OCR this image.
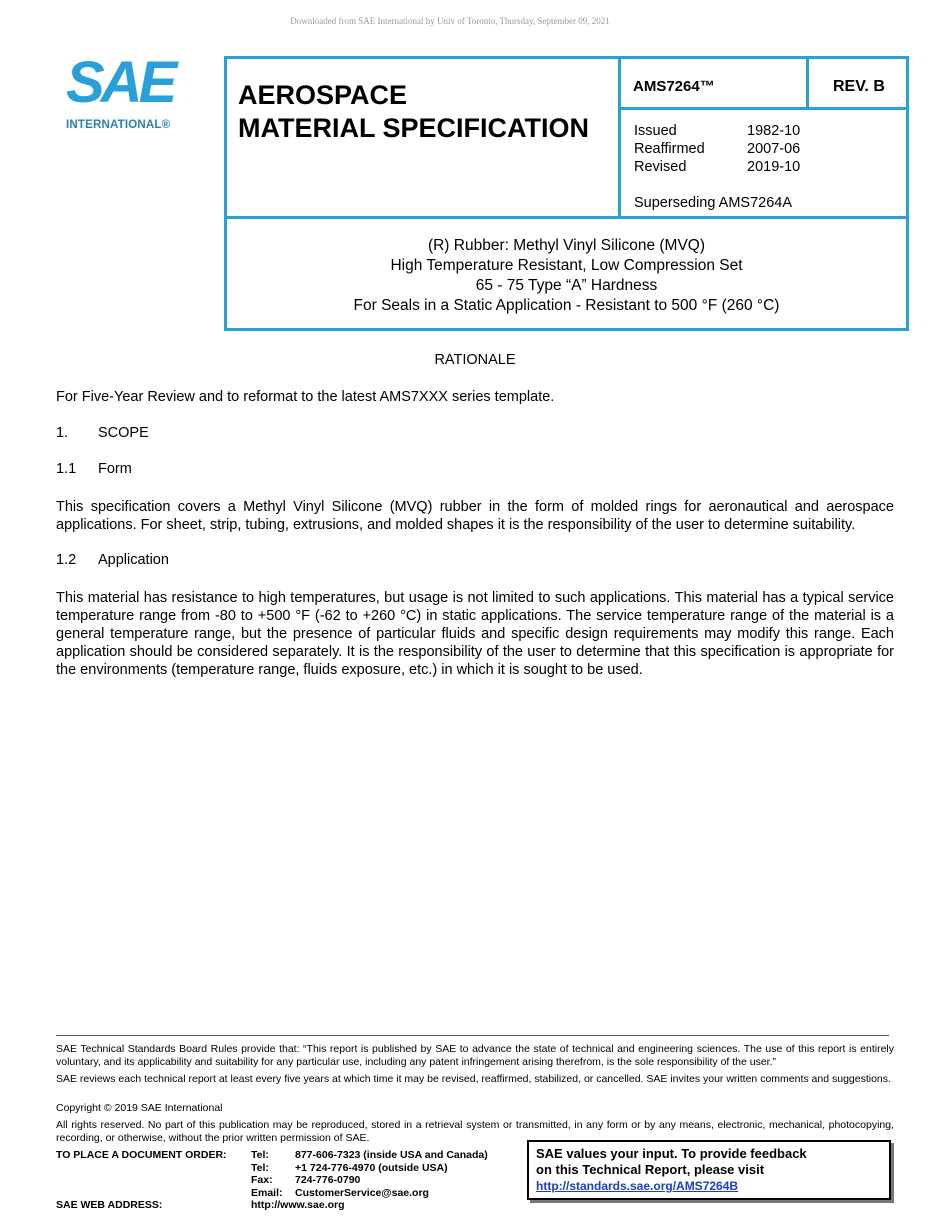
Downloaded from SAE International by Univ of Toronto, Thursday, September 09, 2021
SAE
INTERNATIONAL®
AEROSPACE
MATERIAL SPECIFICATION
AMS7264™	REV. B
Issued	1982-10
Reaffirmed	2007-06
Revised	2019-10
Superseding AMS7264A
(R) Rubber: Methyl Vinyl Silicone (MVQ)
High Temperature Resistant, Low Compression Set
65 - 75 Type “A” Hardness
For Seals in a Static Application - Resistant to 500 °F (260 °C)
RATIONALE
For Five-Year Review and to reformat to the latest AMS7XXX series template.
1. SCOPE
1.1 Form
This specification covers a Methyl Vinyl Silicone (MVQ) rubber in the form of molded rings for aeronautical and aerospace applications. For sheet, strip, tubing, extrusions, and molded shapes it is the responsibility of the user to determine suitability.
1.2 Application
This material has resistance to high temperatures, but usage is not limited to such applications. This material has a typical service temperature range from -80 to +500 °F (-62 to +260 °C) in static applications. The service temperature range of the material is a general temperature range, but the presence of particular fluids and specific design requirements may modify this range. Each application should be considered separately. It is the responsibility of the user to determine that this specification is appropriate for the environments (temperature range, fluids exposure, etc.) in which it is sought to be used.
SAE Technical Standards Board Rules provide that: “This report is published by SAE to advance the state of technical and engineering sciences. The use of this report is entirely voluntary, and its applicability and suitability for any particular use, including any patent infringement arising therefrom, is the sole responsibility of the user.”
SAE reviews each technical report at least every five years at which time it may be revised, reaffirmed, stabilized, or cancelled. SAE invites your written comments and suggestions.
Copyright © 2019 SAE International
All rights reserved. No part of this publication may be reproduced, stored in a retrieval system or transmitted, in any form or by any means, electronic, mechanical, photocopying, recording, or otherwise, without the prior written permission of SAE.
TO PLACE A DOCUMENT ORDER: Tel: 877-606-7323 (inside USA and Canada)
Tel: +1 724-776-4970 (outside USA)
Fax: 724-776-0790
Email: CustomerService@sae.org
SAE WEB ADDRESS:	http://www.sae.org
SAE values your input. To provide feedback
on this Technical Report, please visit
http://standards.sae.org/AMS7264B
